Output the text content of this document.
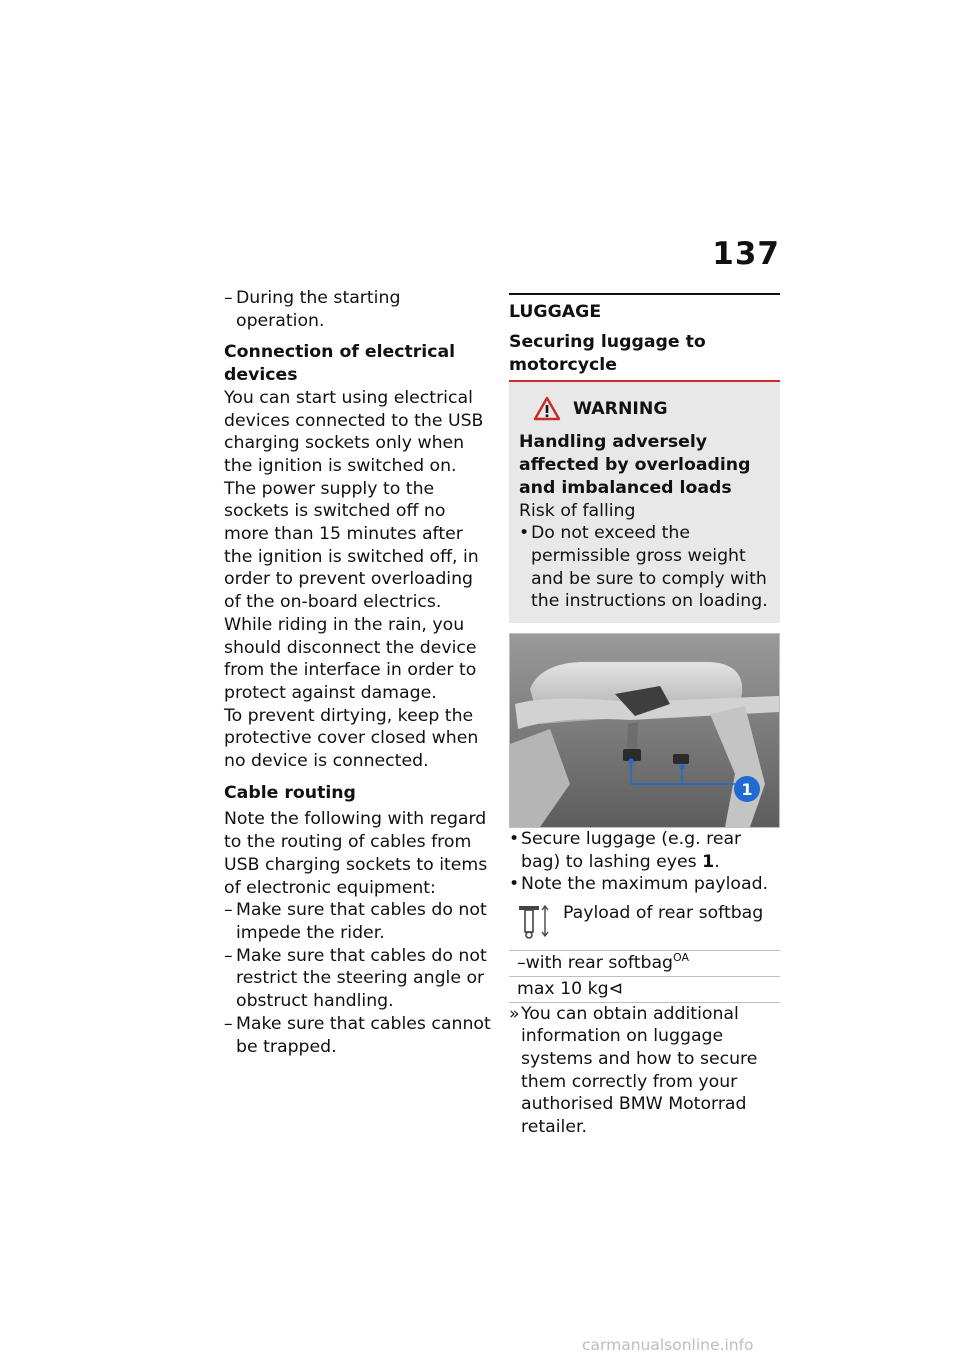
137
– During the starting operation.

Connection of electrical devices

You can start using electrical devices connected to the USB charging sockets only when the ignition is switched on. The power supply to the sockets is switched off no more than 15 minutes after the ignition is switched off, in order to prevent overloading of the on-board electrics.

While riding in the rain, you should disconnect the device from the interface in order to protect against damage.

To prevent dirtying, keep the protective cover closed when no device is connected.

Cable routing

Note the following with regard to the routing of cables from USB charging sockets to items of electronic equipment:

– Make sure that cables do not impede the rider.
– Make sure that cables do not restrict the steering angle or obstruct handling.
– Make sure that cables cannot be trapped.

LUGGAGE

Securing luggage to motorcycle

WARNING

Handling adversely affected by overloading and imbalanced loads

Risk of falling

• Do not exceed the permissible gross weight and be sure to comply with the instructions on loading.
1
• Secure luggage (e.g. rear bag) to lashing eyes 1.
• Note the maximum payload.
Payload of rear softbag

–with rear softbag$^{OA}$
max 10 kg⊲
» You can obtain additional information on luggage systems and how to secure them correctly from your authorised BMW Motorrad retailer.
carmanualsonline.info
